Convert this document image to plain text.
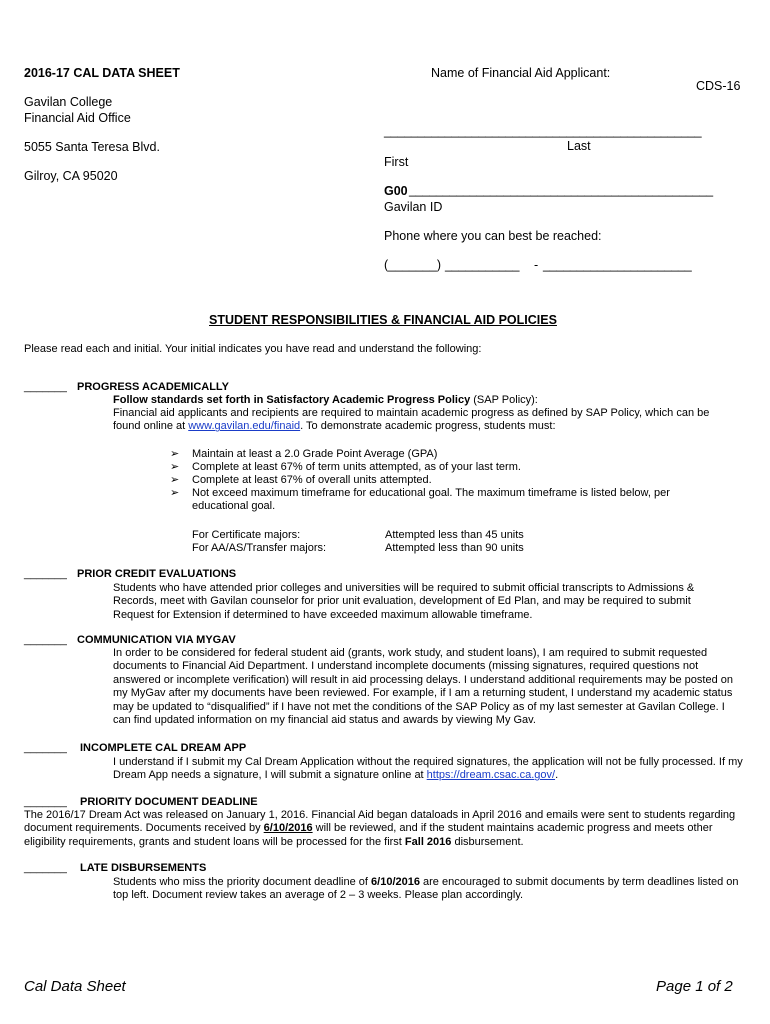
2016-17 CAL DATA SHEET
Gavilan College
Financial Aid Office
5055 Santa Teresa Blvd.
Gilroy, CA 95020
Name of Financial Aid Applicant:
CDS-16
_______________________________________________
Last
First
G00 _____________________________________________
Gavilan ID
Phone where you can best be reached:
(_______) ___________ - ______________________
STUDENT RESPONSIBILITIES & FINANCIAL AID POLICIES
Please read each and initial. Your initial indicates you have read and understand the following:
_______ PROGRESS ACADEMICALLY
Follow standards set forth in Satisfactory Academic Progress Policy (SAP Policy):
Financial aid applicants and recipients are required to maintain academic progress as defined by SAP Policy, which can be found online at www.gavilan.edu/finaid. To demonstrate academic progress, students must:
➢ Maintain at least a 2.0 Grade Point Average (GPA)
➢ Complete at least 67% of term units attempted, as of your last term.
➢ Complete at least 67% of overall units attempted.
➢ Not exceed maximum timeframe for educational goal. The maximum timeframe is listed below, per educational goal.
For Certificate majors:	Attempted less than 45 units
For AA/AS/Transfer majors:	Attempted less than 90 units
_______ PRIOR CREDIT EVALUATIONS
Students who have attended prior colleges and universities will be required to submit official transcripts to Admissions & Records, meet with Gavilan counselor for prior unit evaluation, development of Ed Plan, and may be required to submit Request for Extension if determined to have exceeded maximum allowable timeframe.
_______ COMMUNICATION VIA MYGAV
In order to be considered for federal student aid (grants, work study, and student loans), I am required to submit requested documents to Financial Aid Department. I understand incomplete documents (missing signatures, required questions not answered or incomplete verification) will result in aid processing delays. I understand additional requirements may be posted on my MyGav after my documents have been reviewed. For example, if I am a returning student, I understand my academic status may be updated to “disqualified” if I have not met the conditions of the SAP Policy as of my last semester at Gavilan College. I can find updated information on my financial aid status and awards by viewing My Gav.
_______ INCOMPLETE CAL DREAM APP
I understand if I submit my Cal Dream Application without the required signatures, the application will not be fully processed. If my Dream App needs a signature, I will submit a signature online at https://dream.csac.ca.gov/.
_______ PRIORITY DOCUMENT DEADLINE
The 2016/17 Dream Act was released on January 1, 2016. Financial Aid began dataloads in April 2016 and emails were sent to students regarding document requirements. Documents received by 6/10/2016 will be reviewed, and if the student maintains academic progress and meets other eligibility requirements, grants and student loans will be processed for the first Fall 2016 disbursement.
_______ LATE DISBURSEMENTS
Students who miss the priority document deadline of 6/10/2016 are encouraged to submit documents by term deadlines listed on top left. Document review takes an average of 2 – 3 weeks. Please plan accordingly.
Cal Data Sheet	Page 1 of 2
